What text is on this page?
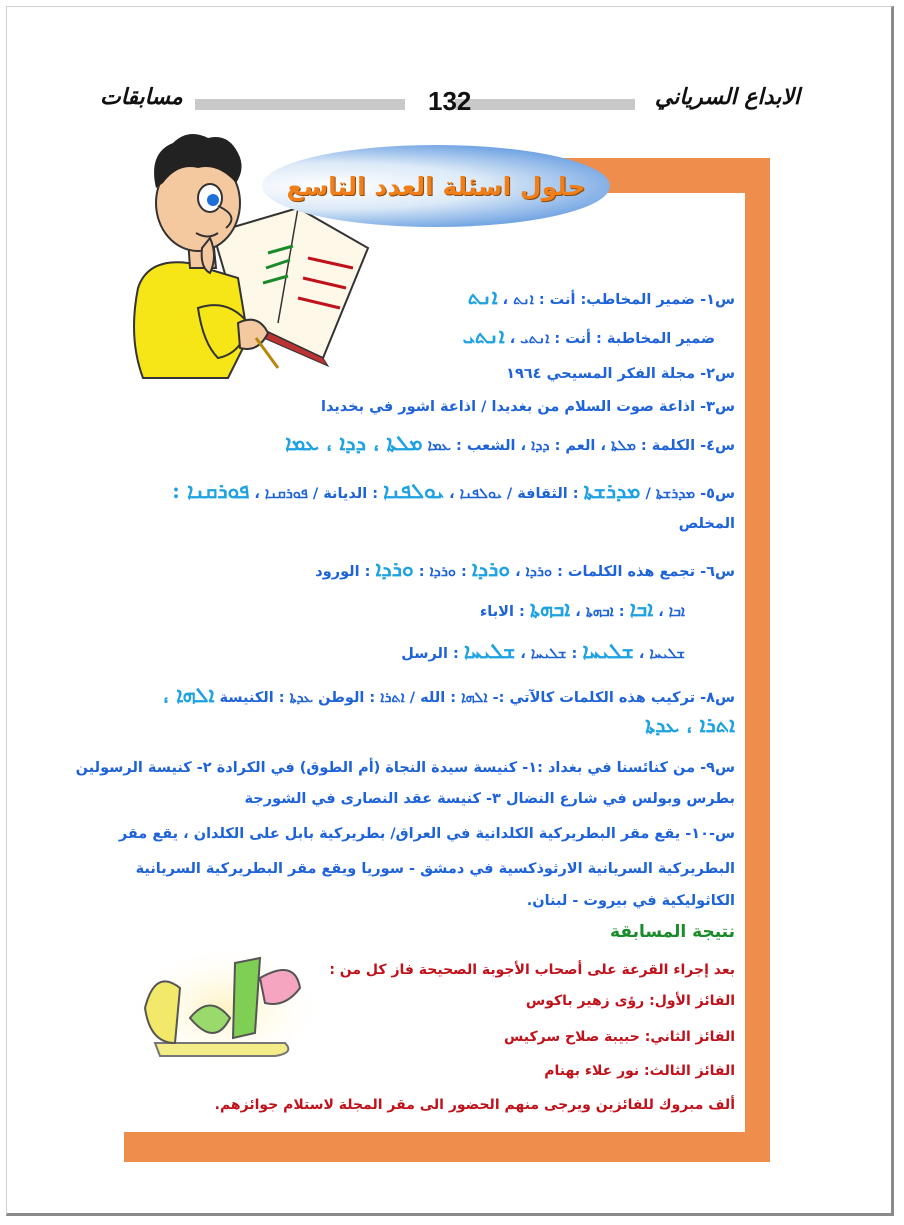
الابداع السرياني
132
مسابقات
حلول اسئلة العدد التاسع
س١- ضمير المخاطب: أنت : ܐܢܬ ، ܐܢܬ
ضمير المخاطبة : أنت : ܐܢܬܝ ، ܐܢܬܝ
س٢- مجلة الفكر المسيحي ١٩٦٤
س٣- اذاعة صوت السلام من بغديدا / اذاعة اشور في بخديدا
س٤- الكلمة : ܡܠܬܐ ، العم : ܕܕܐ ، الشعب : ܥܡܐ ܡܠܬܐ ، ܕܕܐ ، ܥܡܐ
س٥- ܡܕܪܫܬܐ / ܡܕܪܫܬܐ : الثقافة / ܝܘܠܦܢܐ ، ܝܘܠܦܢܐ : الديانة / ܦܘܪܩܢܐ ، ܦܘܪܩܢܐ :
المخلص
س٦- تجمع هذه الكلمات : ܘܪܕܐ ، ܘܪܕܐ : ܘܪܕܐ : ܘܪܕܐ : الورود
ܐܒܐ ، ܐܒܐ : ܐܒܗܬܐ ، ܐܒܗܬܐ : الاباء
ܫܠܝܚܐ ، ܫܠܝܚܐ : ܫܠܝܚܐ ، ܫܠܝܚܐ : الرسل
س٨- تركيب هذه الكلمات كالآتي :- ܐܠܗܐ : الله / ܐܬܪܐ : الوطن ܥܕܬܐ : الكنيسة ܐܠܗܐ ،
ܐܬܪܐ ، ܥܕܬܐ
س٩- من كنائسنا في بغداد :١- كنيسة سيدة النجاة (أم الطوق) في الكرادة ٢- كنيسة الرسولين
بطرس وبولس في شارع النضال ٣- كنيسة عقد النصارى في الشورجة
س-١٠- يقع مقر البطريركية الكلدانية في العراق/ بطريركية بابل على الكلدان ، يقع مقر
البطريركية السريانية الارثوذكسية في دمشق - سوريا ويقع مقر البطريركية السريانية
الكاثوليكية في بيروت - لبنان.
نتيجة المسابقة
بعد إجراء القرعة على أصحاب الأجوبة الصحيحة فاز كل من :
الفائز الأول: رؤى زهير باكوس
الفائز الثاني: حبيبة صلاح سركيس
الفائز الثالث: نور علاء بهنام
ألف مبروك للفائزين ويرجى منهم الحضور الى مقر المجلة لاستلام جوائزهم.
